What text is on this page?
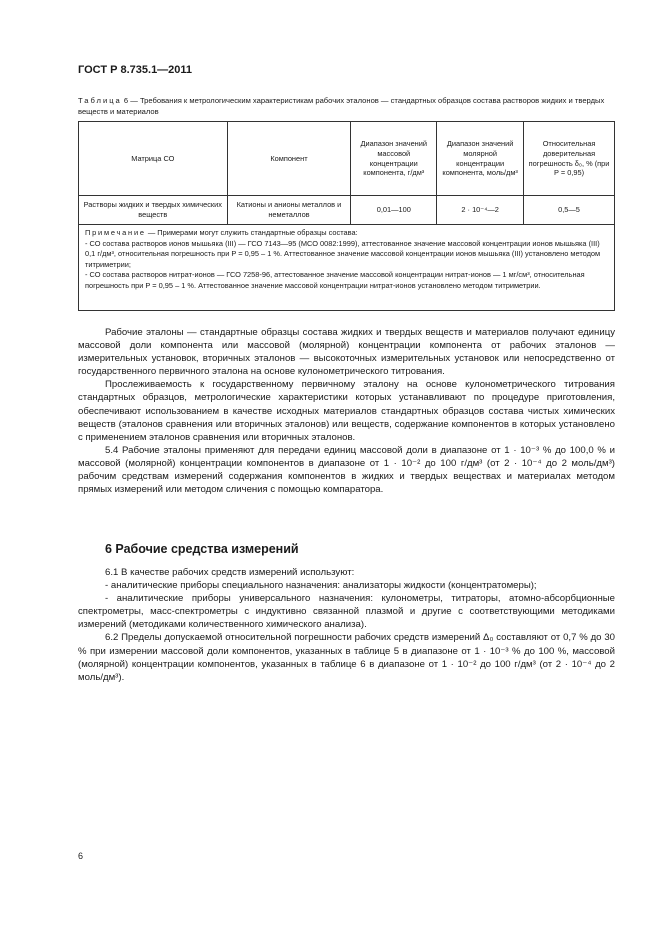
ГОСТ Р 8.735.1—2011
Таблица 6 — Требования к метрологическим характеристикам рабочих эталонов — стандартных образцов состава растворов жидких и твердых веществ и материалов
Матрица СО	Компонент	Диапазон значений массовой концентрации компонента, г/дм³	Диапазон значений молярной концентрации компонента, моль/дм³	Относительная доверительная погрешность δ₀, % (при P = 0,95)
Растворы жидких и твердых химических веществ	Катионы и анионы металлов и неметаллов	0,01—100	2 · 10⁻⁴—2	0,5—5

Примечание — Примерами могут служить стандартные образцы состава:
- СО состава растворов ионов мышьяка (III) — ГСО 7143—95 (МСО 0082:1999), аттестованное значение массовой концентрации ионов мышьяка (III) 0,1 г/дм³, относительная погрешность при P = 0,95 – 1 %. Аттестованное значение массовой концентрации ионов мышьяка (III) установлено методом титриметрии;
- СО состава растворов нитрат-ионов — ГСО 7258-96, аттестованное значение массовой концентрации нитрат-ионов — 1 мг/см³, относительная погрешность при P = 0,95 – 1 %. Аттестованное значение массовой концентрации нитрат-ионов установлено методом титриметрии.				

Рабочие эталоны — стандартные образцы состава жидких и твердых веществ и материалов получают единицу массовой доли компонента или массовой (молярной) концентрации компонента от рабочих эталонов — измерительных установок, вторичных эталонов — высокоточных измерительных установок или непосредственно от государственного первичного эталона на основе кулонометрического титрования.

Прослеживаемость к государственному первичному эталону на основе кулонометрического титрования стандартных образцов, метрологические характеристики которых устанавливают по процедуре приготовления, обеспечивают использованием в качестве исходных материалов стандартных образцов состава чистых химических веществ (эталонов сравнения или вторичных эталонов) или веществ, содержание компонентов в которых установлено с применением эталонов сравнения или вторичных эталонов.

5.4 Рабочие эталоны применяют для передачи единиц массовой доли в диапазоне от 1 · 10⁻³ % до 100,0 % и массовой (молярной) концентрации компонентов в диапазоне от 1 · 10⁻² до 100 г/дм³ (от 2 · 10⁻⁴ до 2 моль/дм³) рабочим средствам измерений содержания компонентов в жидких и твердых веществах и материалах методом прямых измерений или методом сличения с помощью компаратора.

6 Рабочие средства измерений

6.1 В качестве рабочих средств измерений используют:

- аналитические приборы специального назначения: анализаторы жидкости (концентратомеры);

- аналитические приборы универсального назначения: кулонометры, титраторы, атомно-абсорбционные спектрометры, масс-спектрометры с индуктивно связанной плазмой и другие с соответствующими методиками измерений (методиками количественного химического анализа).

6.2 Пределы допускаемой относительной погрешности рабочих средств измерений Δ₀ составляют от 0,7 % до 30 % при измерении массовой доли компонентов, указанных в таблице 5 в диапазоне от 1 · 10⁻³ % до 100 %, массовой (молярной) концентрации компонентов, указанных в таблице 6 в диапазоне от 1 · 10⁻² до 100 г/дм³ (от 2 · 10⁻⁴ до 2 моль/дм³).

6
